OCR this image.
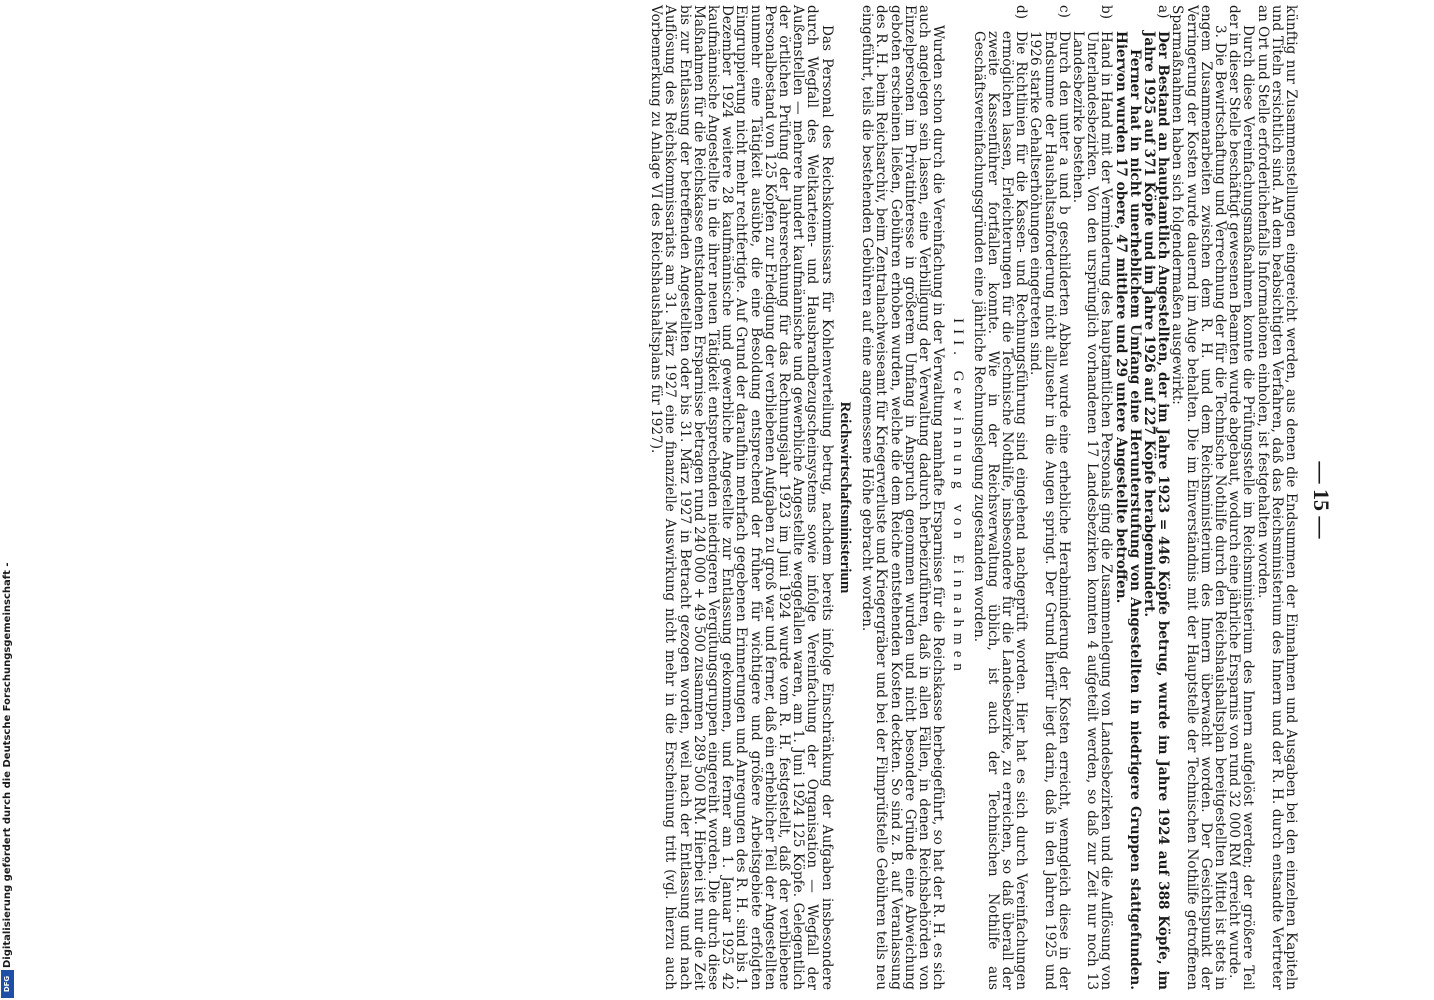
— 15 —

künftig nur Zusammenstellungen eingereicht werden, aus denen die Endsummen der Einnahmen und Ausgaben bei den einzelnen Kapiteln und Titeln ersichtlich sind. An dem beabsichtigten Verfahren, daß das Reichsministerium des Innern und der R. H. durch entsandte Vertreter an Ort und Stelle erforderlichenfalls Informationen einholen, ist festgehalten worden.

Durch diese Vereinfachungsmaßnahmen konnte die Prüfungsstelle im Reichsministerium des Innern aufgelöst werden; der größere Teil der in dieser Stelle beschäftigt gewesenen Beamten wurde abgebaut, wodurch eine jährliche Ersparnis von rund 32 000 RM erreicht wurde.

3. Die Bewirtschaftung und Verrechnung der für die Technische Nothilfe durch den Reichshaushaltsplan bereitgestellten Mittel ist stets in engem Zusammenarbeiten zwischen dem R. H. und dem Reichsministerium des Innern überwacht worden. Der Gesichtspunkt der Verringerung der Kosten wurde dauernd im Auge behalten. Die im Einverständnis mit der Hauptstelle der Technischen Nothilfe getroffenen Sparmaßnahmen haben sich folgendermaßen ausgewirkt:

a)
Der Bestand an hauptamtlich Angestellten, der im Jahre 1923 = 446 Köpfe betrug, wurde im Jahre 1924 auf 388 Köpfe, im Jahre 1925 auf 371 Köpfe und im Jahre 1926 auf 227 Köpfe herabgemindert.
Ferner hat in nicht unerheblichem Umfang eine Herunterstufung von Angestellten in niedrigere Gruppen stattgefunden. Hiervon wurden 17 obere, 47 mittlere und 29 untere Angestellte betroffen.
b)
Hand in Hand mit der Verminderung des hauptamtlichen Personals ging die Zusammenlegung von Landesbezirken und die Auflösung von Unterlandesbezirken. Von den ursprünglich vorhandenen 17 Landesbezirken konnten 4 aufgeteilt werden, so daß zur Zeit nur noch 13 Landesbezirke bestehen.
c)
Durch den unter a und b geschilderten Abbau wurde eine erhebliche Herabminderung der Kosten erreicht, wenngleich diese in der Endsumme der Haushaltsanforderung nicht allzusehr in die Augen springt. Der Grund hierfür liegt darin, daß in den Jahren 1925 und 1926 starke Gehaltserhöhungen eingetreten sind.
d)
Die Richtlinien für die Kassen- und Rechnungsführung sind eingehend nachgeprüft worden. Hier hat es sich durch Vereinfachungen ermöglichen lassen, Erleichterungen für die Technische Nothilfe, insbesondere für die Landesbezirke, zu erreichen, so daß überall der zweite Kassenführer fortfallen konnte. Wie in der Reichsverwaltung üblich, ist auch der Technischen Nothilfe aus Geschäftsvereinfachungsgründen eine jährliche Rechnungslegung zugestanden worden.
III. Gewinnung von Einnahmen

Wurden schon durch die Vereinfachung in der Verwaltung namhafte Ersparnisse für die Reichskasse herbeigeführt, so hat der R. H. es sich auch angelegen sein lassen, eine Verbilligung der Verwaltung dadurch herbeizuführen, daß in allen Fällen, in denen Reichsbehörden von Einzelpersonen im Privatinteresse in größerem Umfang in Anspruch genommen wurden und nicht besondere Gründe eine Abweichung geboten erscheinen ließen, Gebühren erhoben wurden, welche die dem Reiche entstehenden Kosten deckten. So sind z. B. auf Veranlassung des R. H. beim Reichsarchiv, beim Zentralnachweiseamt für Kriegerverluste und Kriegergräber und bei der Filmprüfstelle Gebühren teils neu eingeführt, teils die bestehenden Gebühren auf eine angemessene Höhe gebracht worden.

Reichswirtschaftsministerium

Das Personal des Reichskommissars für Kohlenverteilung betrug, nachdem bereits infolge Einschränkung der Aufgaben insbesondere durch Wegfall des Weltkarteien- und Hausbrandbezugscheinsystems sowie infolge Vereinfachung der Organisation — Wegfall der Außenstellen — mehrere hundert kaufmännische und gewerbliche Angestellte weggefallen waren, am 1. Juni 1924 125 Köpfe. Gelegentlich der örtlichen Prüfung der Jahresrechnung für das Rechnungsjahr 1923 im Juni 1924 wurde vom R. H. festgestellt, daß der verbliebene Personalbestand von 125 Köpfen zur Erledigung der verbliebenen Aufgaben zu groß war und ferner, daß ein erheblicher Teil der Angestellten nunmehr eine Tätigkeit ausübte, die eine Besoldung entsprechend der früher für wichtigere und größere Arbeitsgebiete erfolgten Eingruppierung nicht mehr rechtfertigte. Auf Grund der daraufhin mehrfach gegebenen Erinnerungen und Anregungen des R. H. sind bis 1. Dezember 1924 weitere 28 kaufmännische und gewerbliche Angestellte zur Entlassung gekommen, und ferner am 1. Januar 1925 42 kaufmännische Angestellte in die ihrer neuen Tätigkeit entsprechenden niedrigeren Vergütungsgruppen eingereiht worden. Die durch diese Maßnahmen für die Reichskasse entstandenen Ersparnisse betragen rund 240 000 + 49 500 zusammen 289 500 RM. Hierbei ist nur die Zeit bis zur Entlassung der betreffenden Angestellten oder bis 31. März 1927 in Betracht gezogen worden, weil nach der Entlassung und nach Auflösung des Reichskommissariats am 31. März 1927 eine finanzielle Auswirkung nicht mehr in die Erscheinung tritt (vgl. hierzu auch Vorbemerkung zu Anlage VI des Reichshaushaltsplans für 1927).

Digitalisierung gefördert durch die Deutsche Forschungsgemeinschaft -
DFG
